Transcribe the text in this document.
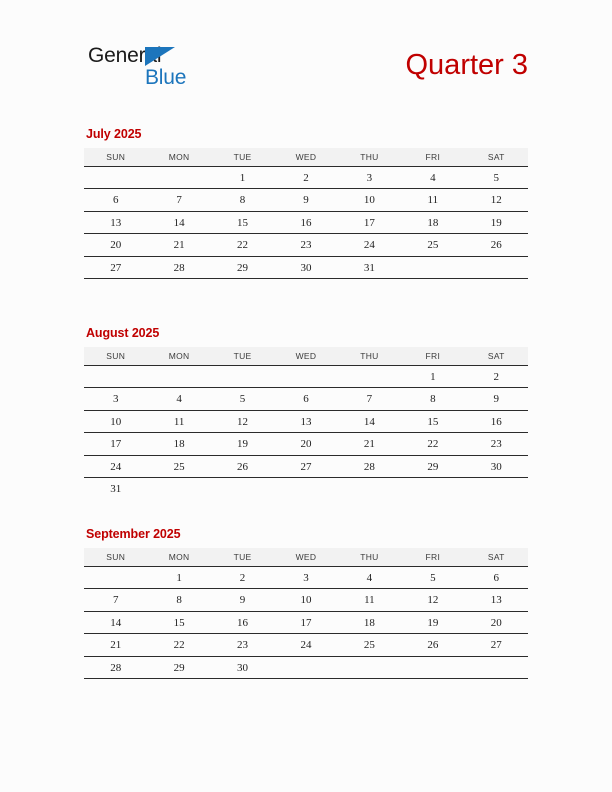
General
Blue	Quarter 3
July 2025
SUN	MON	TUE	WED	THU	FRI	SAT
		1	2	3	4	5
6	7	8	9	10	11	12
13	14	15	16	17	18	19
20	21	22	23	24	25	26
27	28	29	30	31		
August 2025
SUN	MON	TUE	WED	THU	FRI	SAT
					1	2
3	4	5	6	7	8	9
10	11	12	13	14	15	16
17	18	19	20	21	22	23
24	25	26	27	28	29	30
31						
September 2025
SUN	MON	TUE	WED	THU	FRI	SAT
	1	2	3	4	5	6
7	8	9	10	11	12	13
14	15	16	17	18	19	20
21	22	23	24	25	26	27
28	29	30				
